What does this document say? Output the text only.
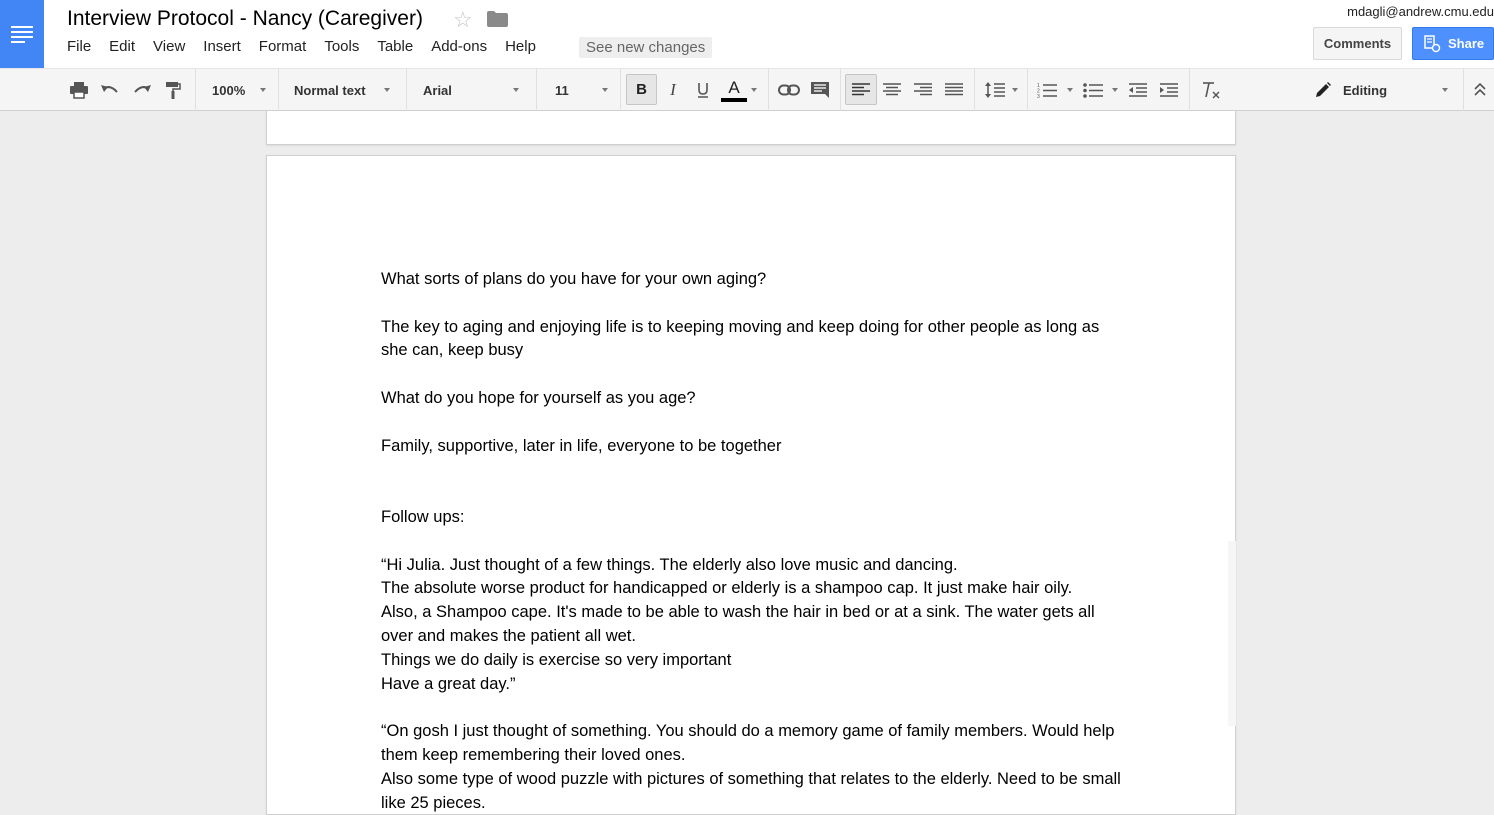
Interview Protocol - Nancy (Caregiver) ☆
File Edit View Insert Format Tools Table Add-ons Help	See new changes
mdagli@andrew.cmu.edu
Comments	Share
100%	Normal text	Arial	11	B	I	A	1
2
3	Editing

What sorts of plans do you have for your own aging?

The key to aging and enjoying life is to keeping moving and keep doing for other people as long as she can, keep busy

What do you hope for yourself as you age?

Family, supportive, later in life, everyone to be together

Follow ups:

“Hi Julia. Just thought of a few things. The elderly also love music and dancing.

The absolute worse product for handicapped or elderly is a shampoo cap. It just make hair oily.

Also, a Shampoo cape. It's made to be able to wash the hair in bed or at a sink. The water gets all over and makes the patient all wet.

Things we do daily is exercise so very important

Have a great day.”

“On gosh I just thought of something. You should do a memory game of family members. Would help them keep remembering their loved ones.

Also some type of wood puzzle with pictures of something that relates to the elderly. Need to be small like 25 pieces.
